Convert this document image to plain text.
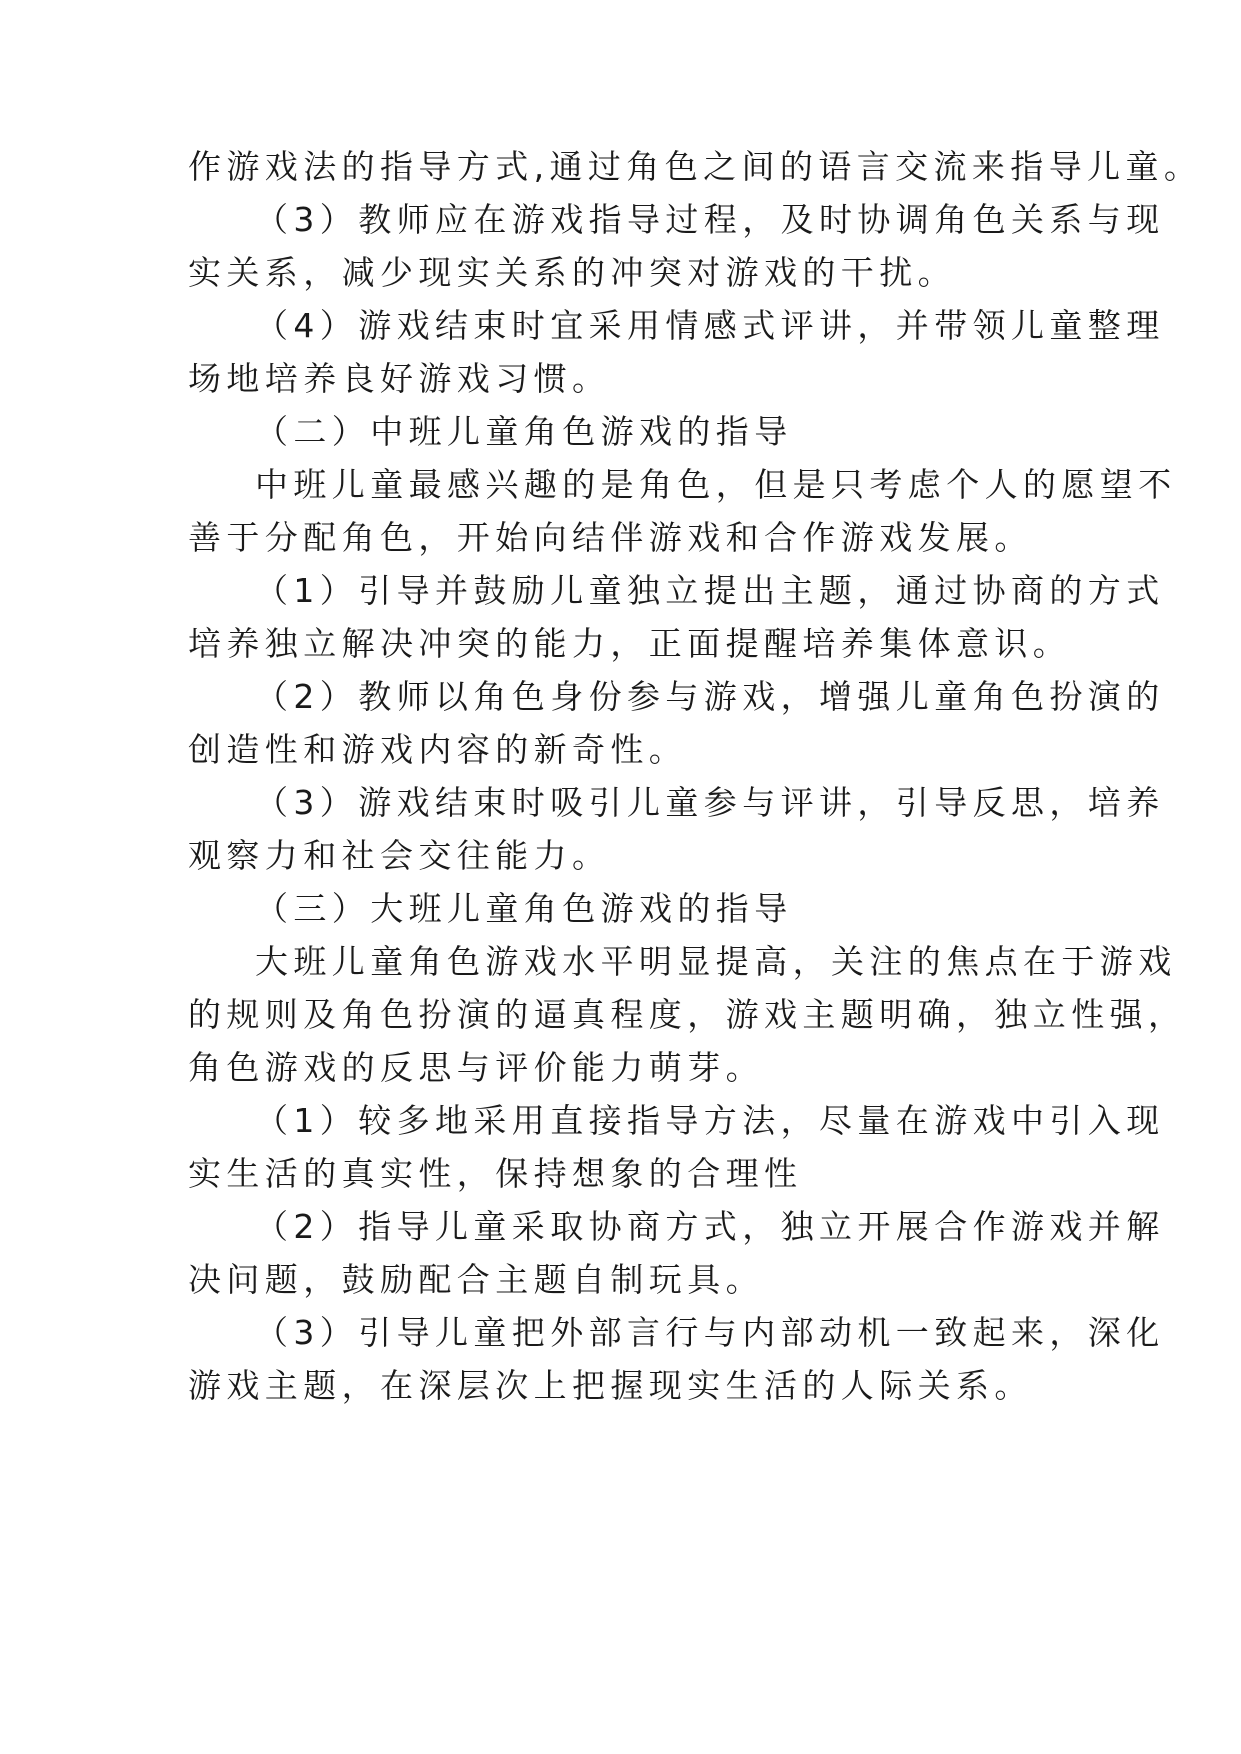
作游戏法的指导方式,通过角色之间的语言交流来指导儿童。
（3）教师应在游戏指导过程，及时协调角色关系与现
实关系，减少现实关系的冲突对游戏的干扰。
（4）游戏结束时宜采用情感式评讲，并带领儿童整理
场地培养良好游戏习惯。
（二）中班儿童角色游戏的指导
中班儿童最感兴趣的是角色，但是只考虑个人的愿望不
善于分配角色，开始向结伴游戏和合作游戏发展。
（1）引导并鼓励儿童独立提出主题，通过协商的方式
培养独立解决冲突的能力，正面提醒培养集体意识。
（2）教师以角色身份参与游戏，增强儿童角色扮演的
创造性和游戏内容的新奇性。
（3）游戏结束时吸引儿童参与评讲，引导反思，培养
观察力和社会交往能力。
（三）大班儿童角色游戏的指导
大班儿童角色游戏水平明显提高，关注的焦点在于游戏
的规则及角色扮演的逼真程度，游戏主题明确，独立性强，
角色游戏的反思与评价能力萌芽。
（1）较多地采用直接指导方法，尽量在游戏中引入现
实生活的真实性，保持想象的合理性
（2）指导儿童采取协商方式，独立开展合作游戏并解
决问题，鼓励配合主题自制玩具。
（3）引导儿童把外部言行与内部动机一致起来，深化
游戏主题，在深层次上把握现实生活的人际关系。
